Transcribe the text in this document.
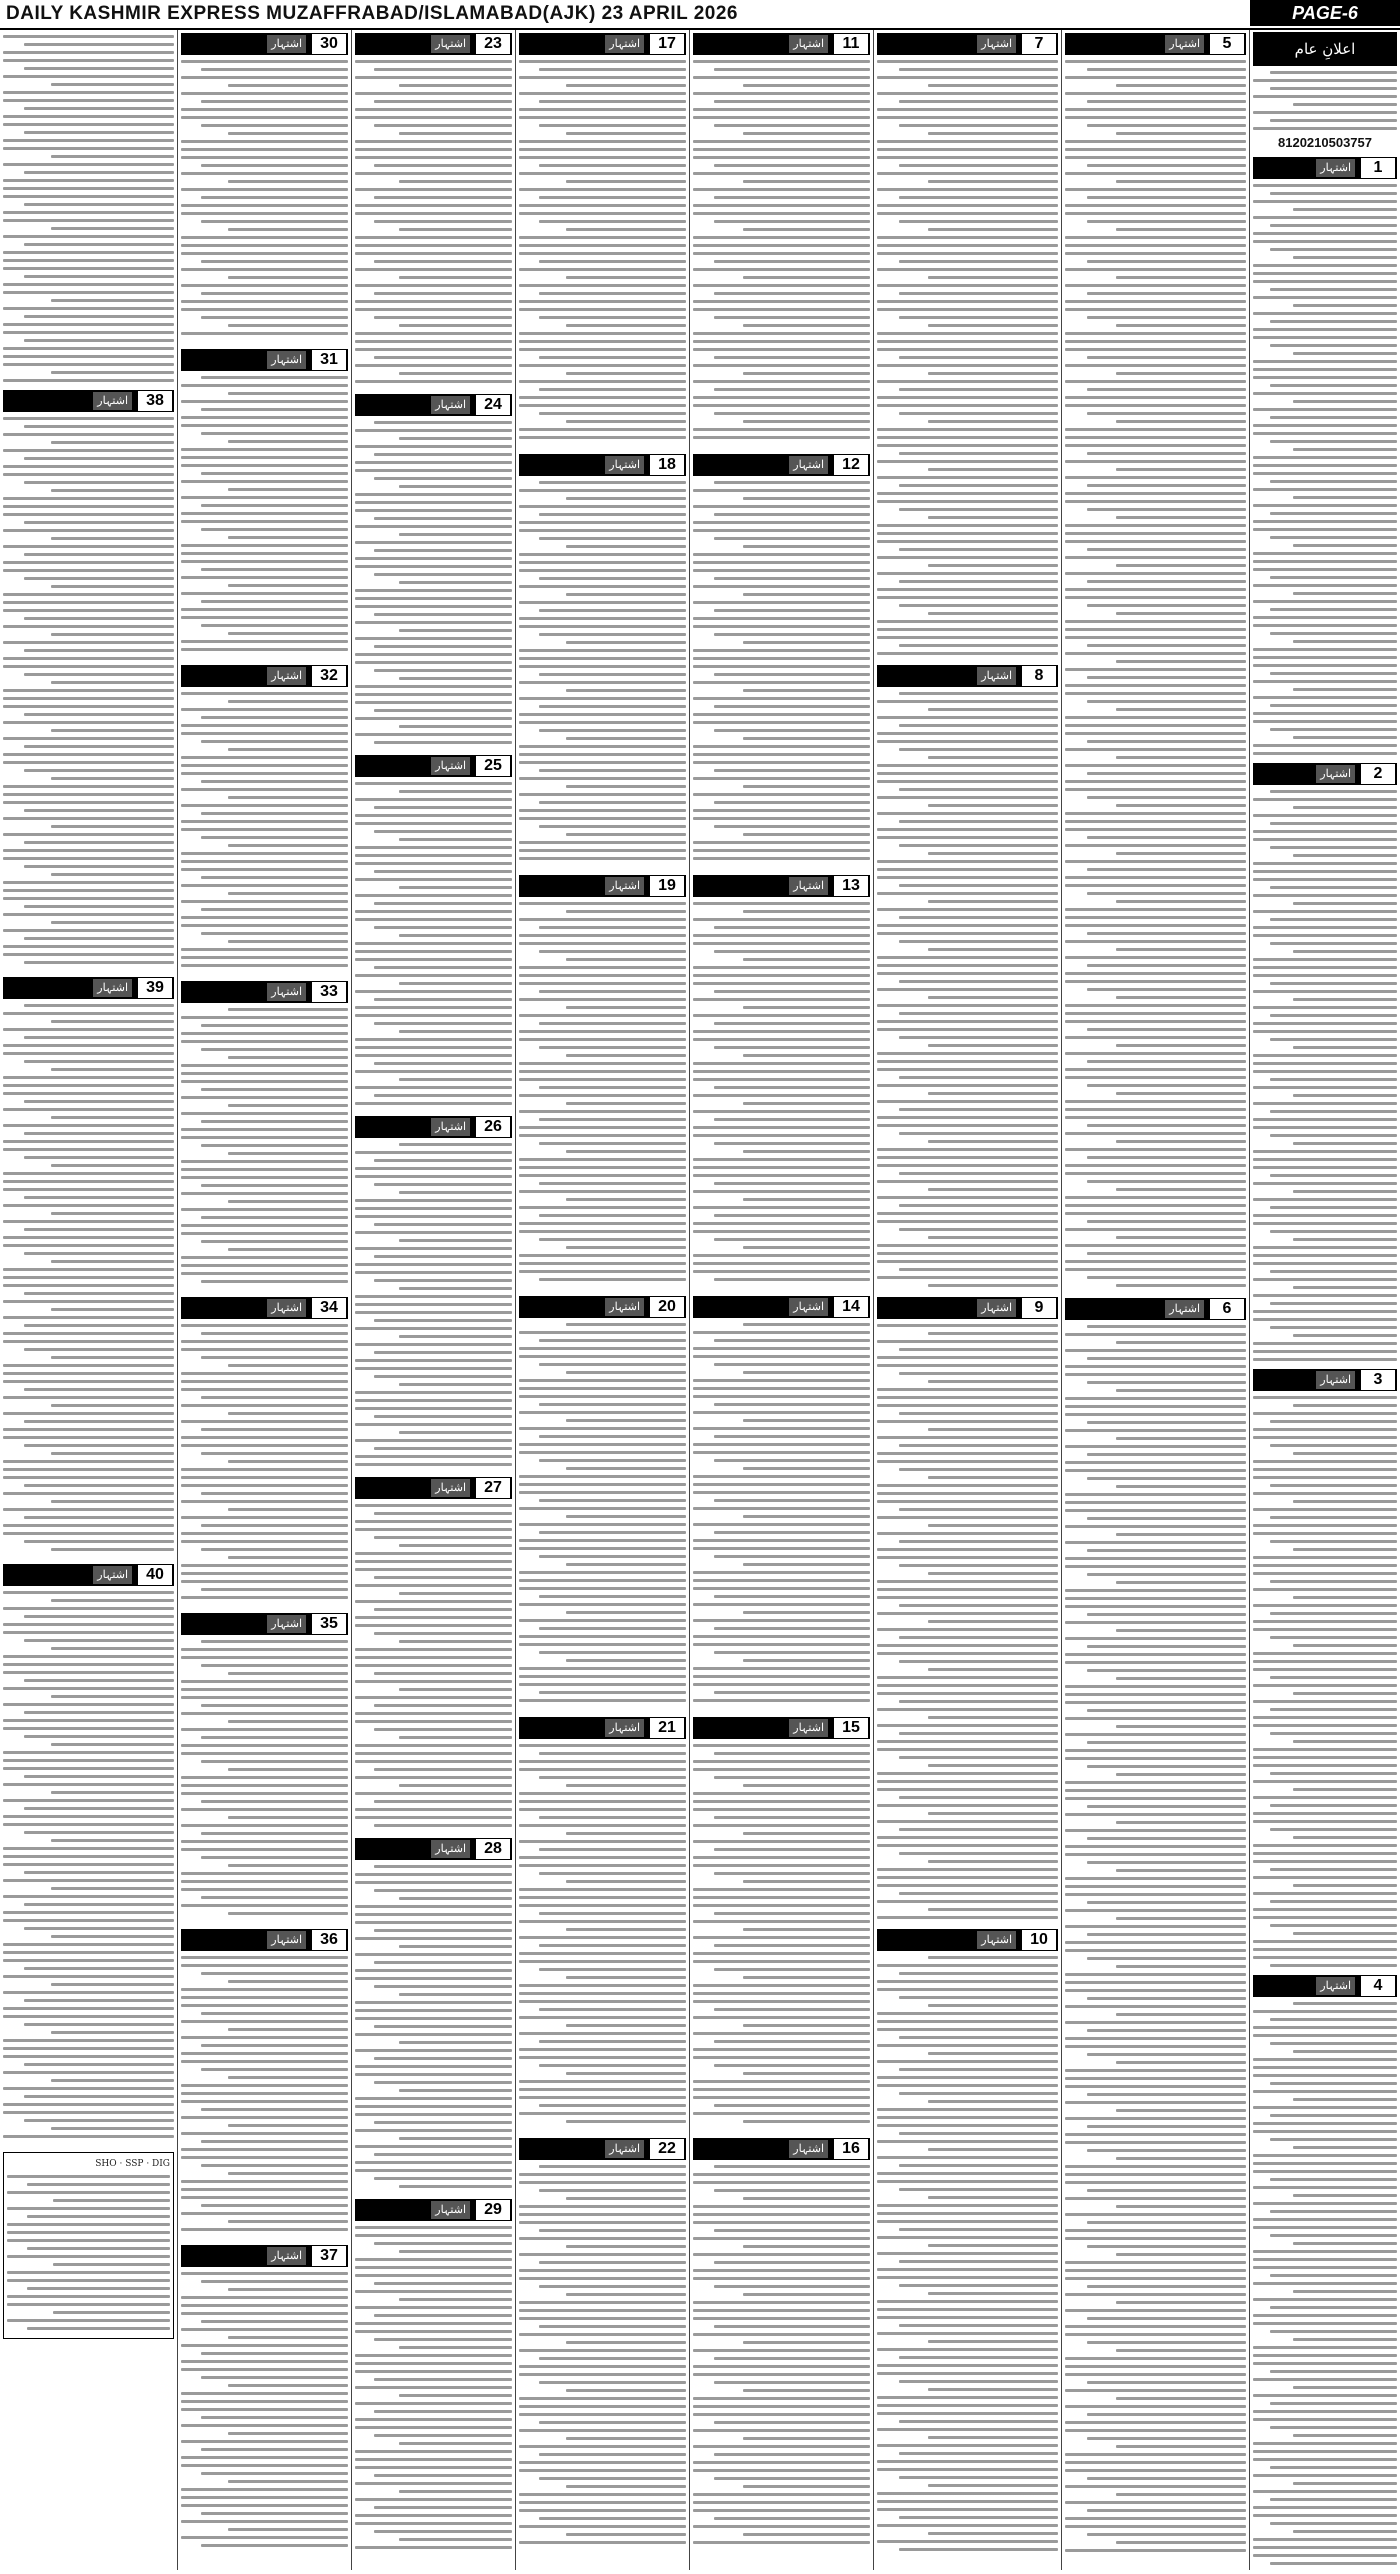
DAILY KASHMIR EXPRESS MUZAFFRABAD/ISLAMABAD(AJK) 23 APRIL 2026	PAGE-6
اعلانِ عام
8120210503757
اشتہار	1
اشتہار	2
اشتہار	3
اشتہار	4
اشتہار	5
اشتہار	6
اشتہار	7
اشتہار	8
اشتہار	9
اشتہار	10
اشتہار	11
اشتہار	12
اشتہار	13
اشتہار	14
اشتہار	15
اشتہار	16
اشتہار	17
اشتہار	18
اشتہار	19
اشتہار	20
اشتہار	21
اشتہار	22
اشتہار	23
اشتہار	24
اشتہار	25
اشتہار	26
اشتہار	27
اشتہار	28
اشتہار	29
اشتہار	30
اشتہار	31
اشتہار	32
اشتہار	33
اشتہار	34
اشتہار	35
اشتہار	36
اشتہار	37
اشتہار	38
اشتہار	39
اشتہار	40
SHO · SSP · DIG
